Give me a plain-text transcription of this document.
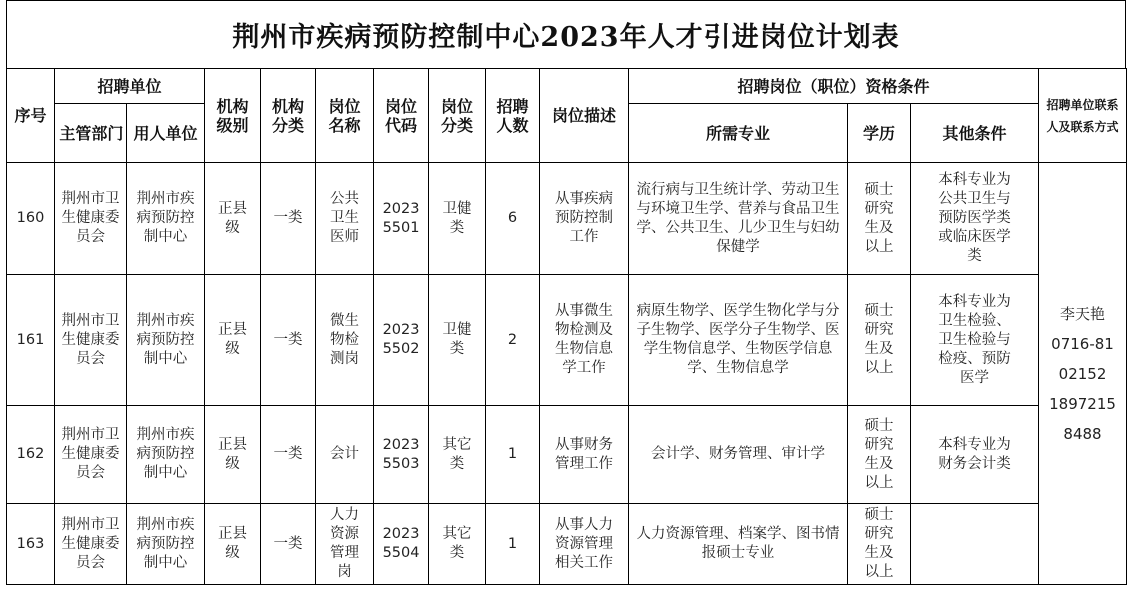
荆州市疾病预防控制中心2023年人才引进岗位计划表
序号	招聘单位		机构级别	机构分类	岗位名称	岗位代码	岗位分类	招聘人数	岗位描述	招聘岗位（职位）资格条件			招聘单位联系人及联系方式

	主管部门	用人单位								所需专业	学历	其他条件	
160	荆州市卫生健康委员会	荆州市疾病预防控制中心	正县级	一类	公共卫生医师	20235501	卫健类	6	从事疾病预防控制工作	流行病与卫生统计学、劳动卫生与环境卫生学、营养与食品卫生学、公共卫生、儿少卫生与妇幼保健学	硕士研究生及以上	本科专业为公共卫生与预防医学类或临床医学类	李天艳
0716-8102152
18972158488

161	荆州市卫生健康委员会	荆州市疾病预防控制中心	正县级	一类	微生物检测岗	20235502	卫健类	2	从事微生物检测及生物信息学工作	病原生物学、医学生物化学与分子生物学、医学分子生物学、医学生物信息学、生物医学信息学、生物信息学	硕士研究生及以上	本科专业为卫生检验、卫生检验与检疫、预防医学	

162	荆州市卫生健康委员会	荆州市疾病预防控制中心	正县级	一类	会计	20235503	其它类	1	从事财务管理工作	会计学、财务管理、审计学	硕士研究生及以上	本科专业为财务会计类	

163	荆州市卫生健康委员会	荆州市疾病预防控制中心	正县级	一类	人力资源管理岗	20235504	其它类	1	从事人力资源管理相关工作	人力资源管理、档案学、图书情报硕士专业	硕士研究生及以上		
